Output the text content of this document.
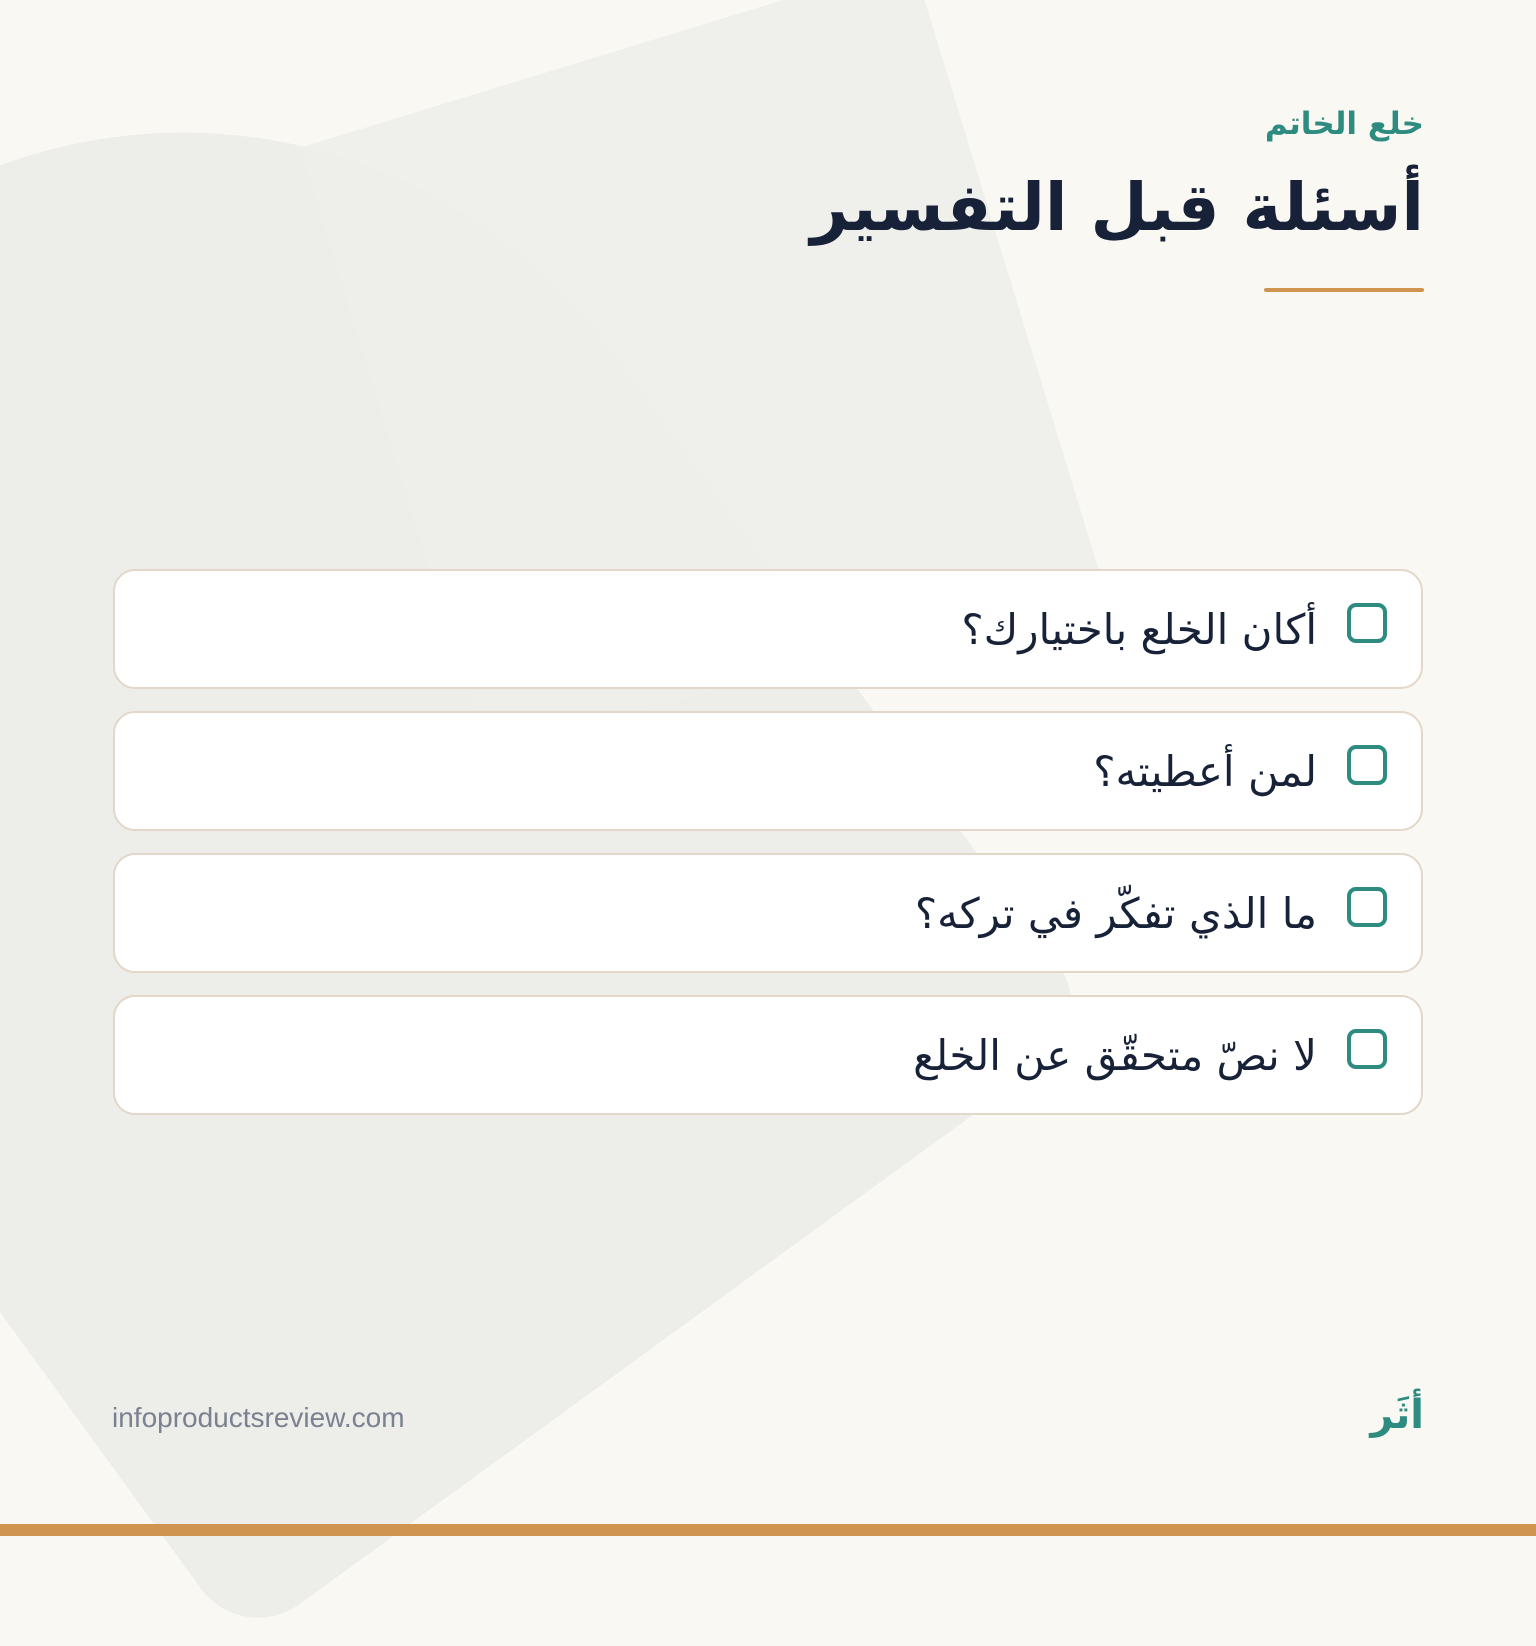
خلع الخاتم
أسئلة قبل التفسير
أكان الخلع باختيارك؟
لمن أعطيته؟
ما الذي تفكّر في تركه؟
لا نصّ متحقّق عن الخلع
infoproductsreview.com	أثَر
